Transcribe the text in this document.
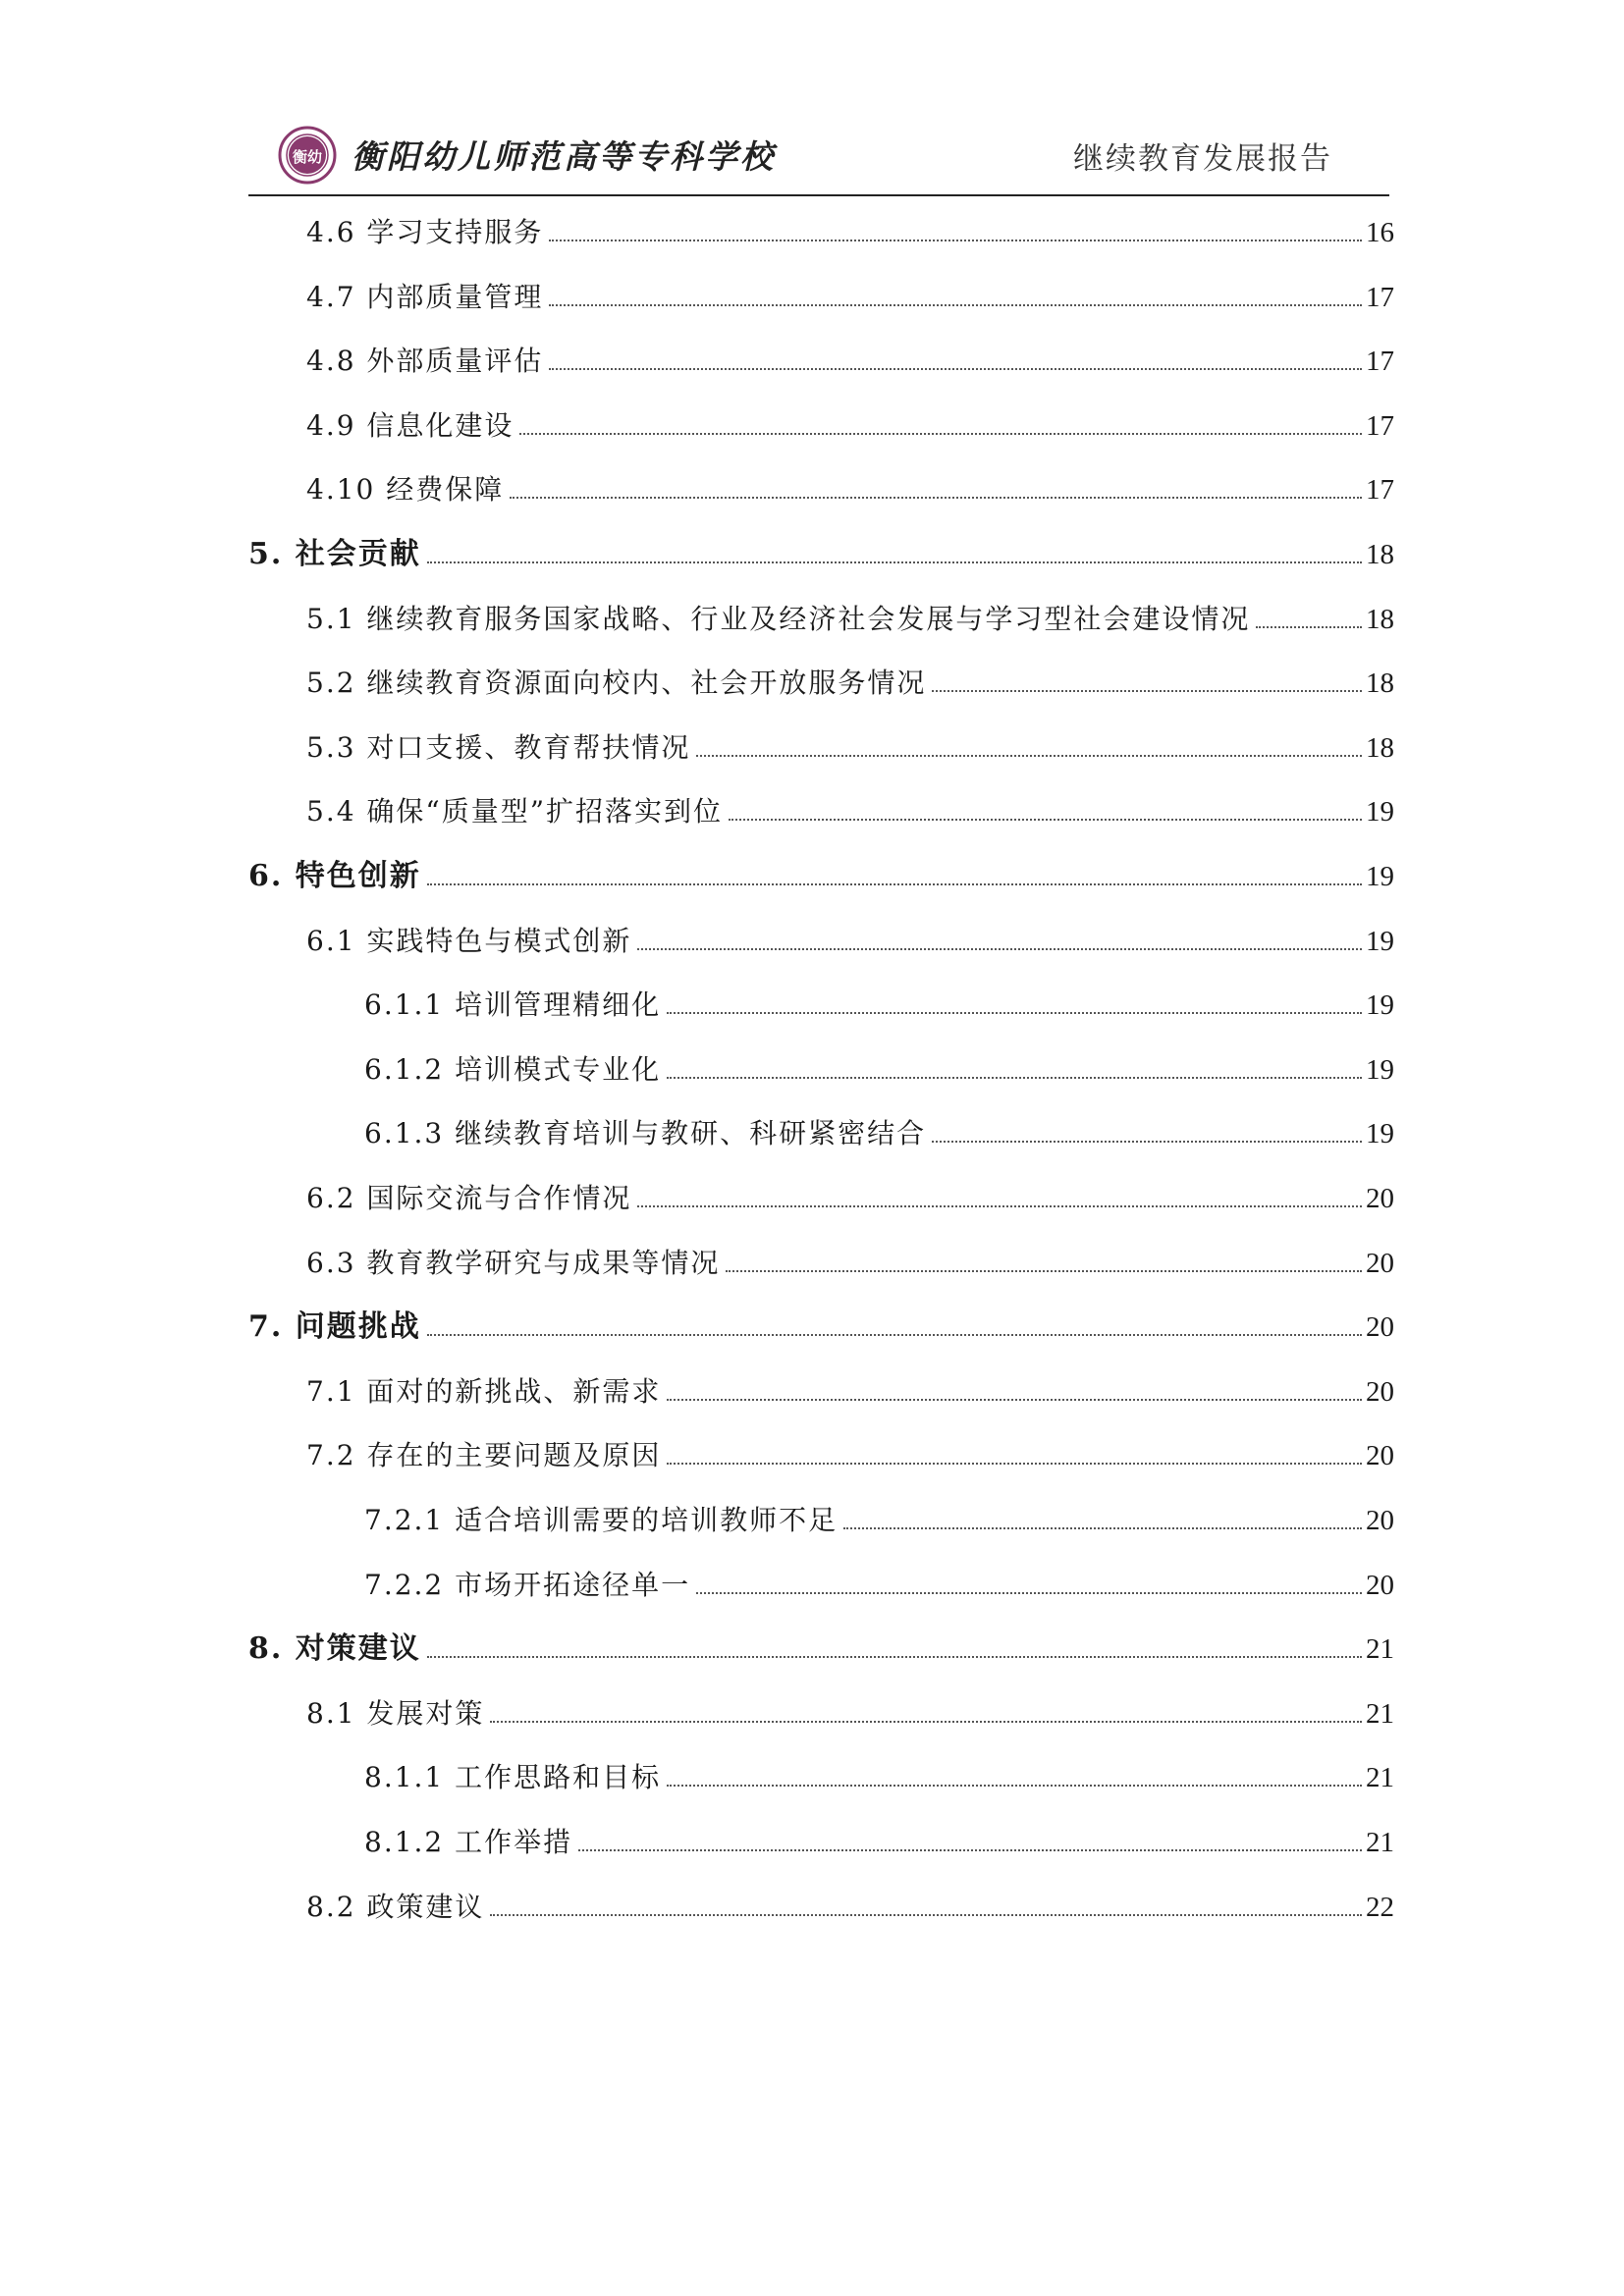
衡幼 衡阳幼儿师范高等专科学校	继续教育发展报告
4.6 学习支持服务	16
4.7 内部质量管理	17
4.8 外部质量评估	17
4.9 信息化建设	17
4.10 经费保障	17
5. 社会贡献	18
5.1 继续教育服务国家战略、行业及经济社会发展与学习型社会建设情况	18
5.2 继续教育资源面向校内、社会开放服务情况	18
5.3 对口支援、教育帮扶情况	18
5.4 确保“质量型”扩招落实到位	19
6. 特色创新	19
6.1 实践特色与模式创新	19
6.1.1 培训管理精细化	19
6.1.2 培训模式专业化	19
6.1.3 继续教育培训与教研、科研紧密结合	19
6.2 国际交流与合作情况	20
6.3 教育教学研究与成果等情况	20
7. 问题挑战	20
7.1 面对的新挑战、新需求	20
7.2 存在的主要问题及原因	20
7.2.1 适合培训需要的培训教师不足	20
7.2.2 市场开拓途径单一	20
8. 对策建议	21
8.1 发展对策	21
8.1.1 工作思路和目标	21
8.1.2 工作举措	21
8.2 政策建议	22
